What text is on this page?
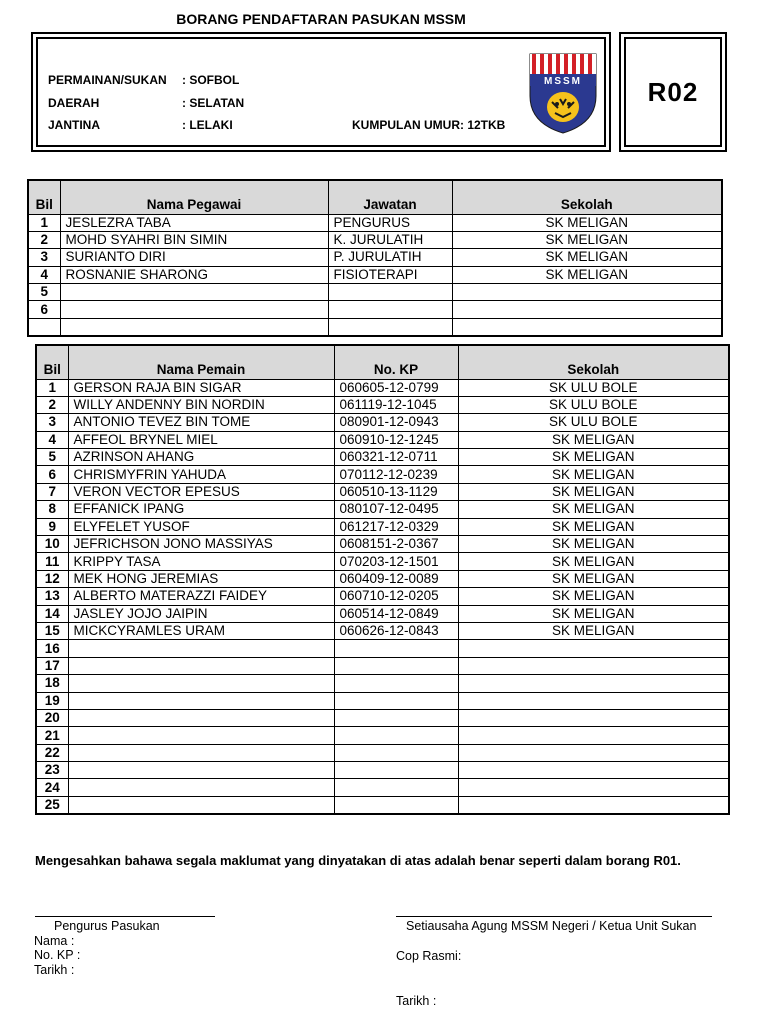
BORANG PENDAFTARAN PASUKAN MSSM
PERMAINAN/SUKAN : SOFBOL
DAERAH	: SELATAN
JANTINA	: LELAKI	KUMPULAN UMUR: 12TKB
MSSM	R02
Bil	Nama Pegawai	Jawatan	Sekolah
1	JESLEZRA TABA	PENGURUS	SK MELIGAN
2	MOHD SYAHRI BIN SIMIN	K. JURULATIH	SK MELIGAN
3	SURIANTO DIRI	P. JURULATIH	SK MELIGAN
4	ROSNANIE SHARONG	FISIOTERAPI	SK MELIGAN
5			
6			

Bil	Nama Pemain	No. KP	Sekolah
1	GERSON RAJA BIN SIGAR	060605-12-0799	SK ULU BOLE
2	WILLY ANDENNY BIN NORDIN	061119-12-1045	SK ULU BOLE
3	ANTONIO TEVEZ BIN TOME	080901-12-0943	SK ULU BOLE
4	AFFEOL BRYNEL MIEL	060910-12-1245	SK MELIGAN
5	AZRINSON AHANG	060321-12-0711	SK MELIGAN
6	CHRISMYFRIN YAHUDA	070112-12-0239	SK MELIGAN
7	VERON VECTOR EPESUS	060510-13-1129	SK MELIGAN
8	EFFANICK IPANG	080107-12-0495	SK MELIGAN
9	ELYFELET YUSOF	061217-12-0329	SK MELIGAN
10	JEFRICHSON JONO MASSIYAS	0608151-2-0367	SK MELIGAN
11	KRIPPY TASA	070203-12-1501	SK MELIGAN
12	MEK HONG JEREMIAS	060409-12-0089	SK MELIGAN
13	ALBERTO MATERAZZI FAIDEY	060710-12-0205	SK MELIGAN
14	JASLEY JOJO JAIPIN	060514-12-0849	SK MELIGAN
15	MICKCYRAMLES URAM	060626-12-0843	SK MELIGAN
16			
17			
18			
19			
20			
21			
22			
23			
24			
25			
Mengesahkan bahawa segala maklumat yang dinyatakan di atas adalah benar seperti dalam borang R01.
Pengurus Pasukan
Nama :
No. KP :
Tarikh :
Setiausaha Agung MSSM Negeri / Ketua Unit Sukan
Cop Rasmi:
Tarikh :
